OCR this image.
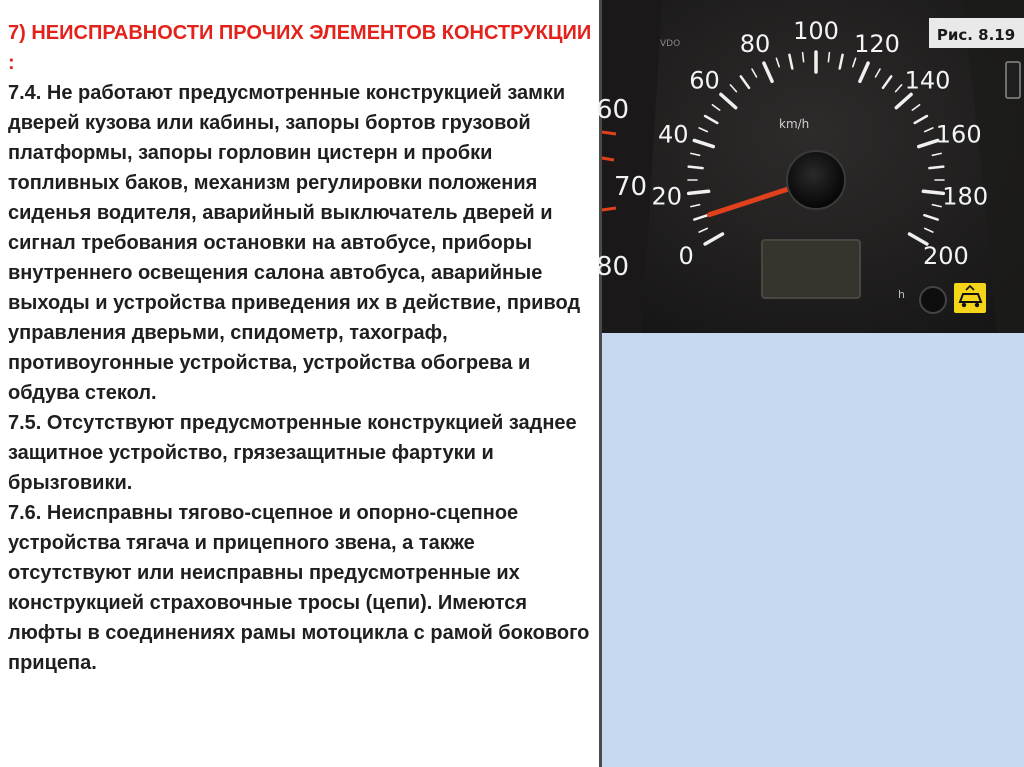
7) НЕИСПРАВНОСТИ ПРОЧИХ ЭЛЕМЕНТОВ КОНСТРУКЦИИ :

7.4. Не работают предусмотренные конструкцией замки дверей кузова или кабины, запоры бортов грузовой платформы, запоры горловин цистерн и пробки топливных баков, механизм регулировки положения сиденья водителя, аварийный выключатель дверей и сигнал требования остановки на автобусе, приборы внутреннего освещения салона автобуса, аварийные выходы и устройства приведения их в действие, привод управления дверьми, спидометр, тахограф, противоугонные устройства, устройства обогрева и обдува стекол.

7.5. Отсутствуют предусмотренные конструкцией заднее защитное устройство, грязезащитные фартуки и брызговики.

7.6. Неисправны тягово-сцепное и опорно-сцепное устройства тягача и прицепного звена, а также отсутствуют или неисправны предусмотренные их конструкцией страховочные тросы (цепи). Имеются люфты в соединениях рамы мотоцикла с рамой бокового прицепа.

60
70
80 0
20
40
60
80 100 120
140
160
180
200
km/h
VDO
h
Рис. 8.19
